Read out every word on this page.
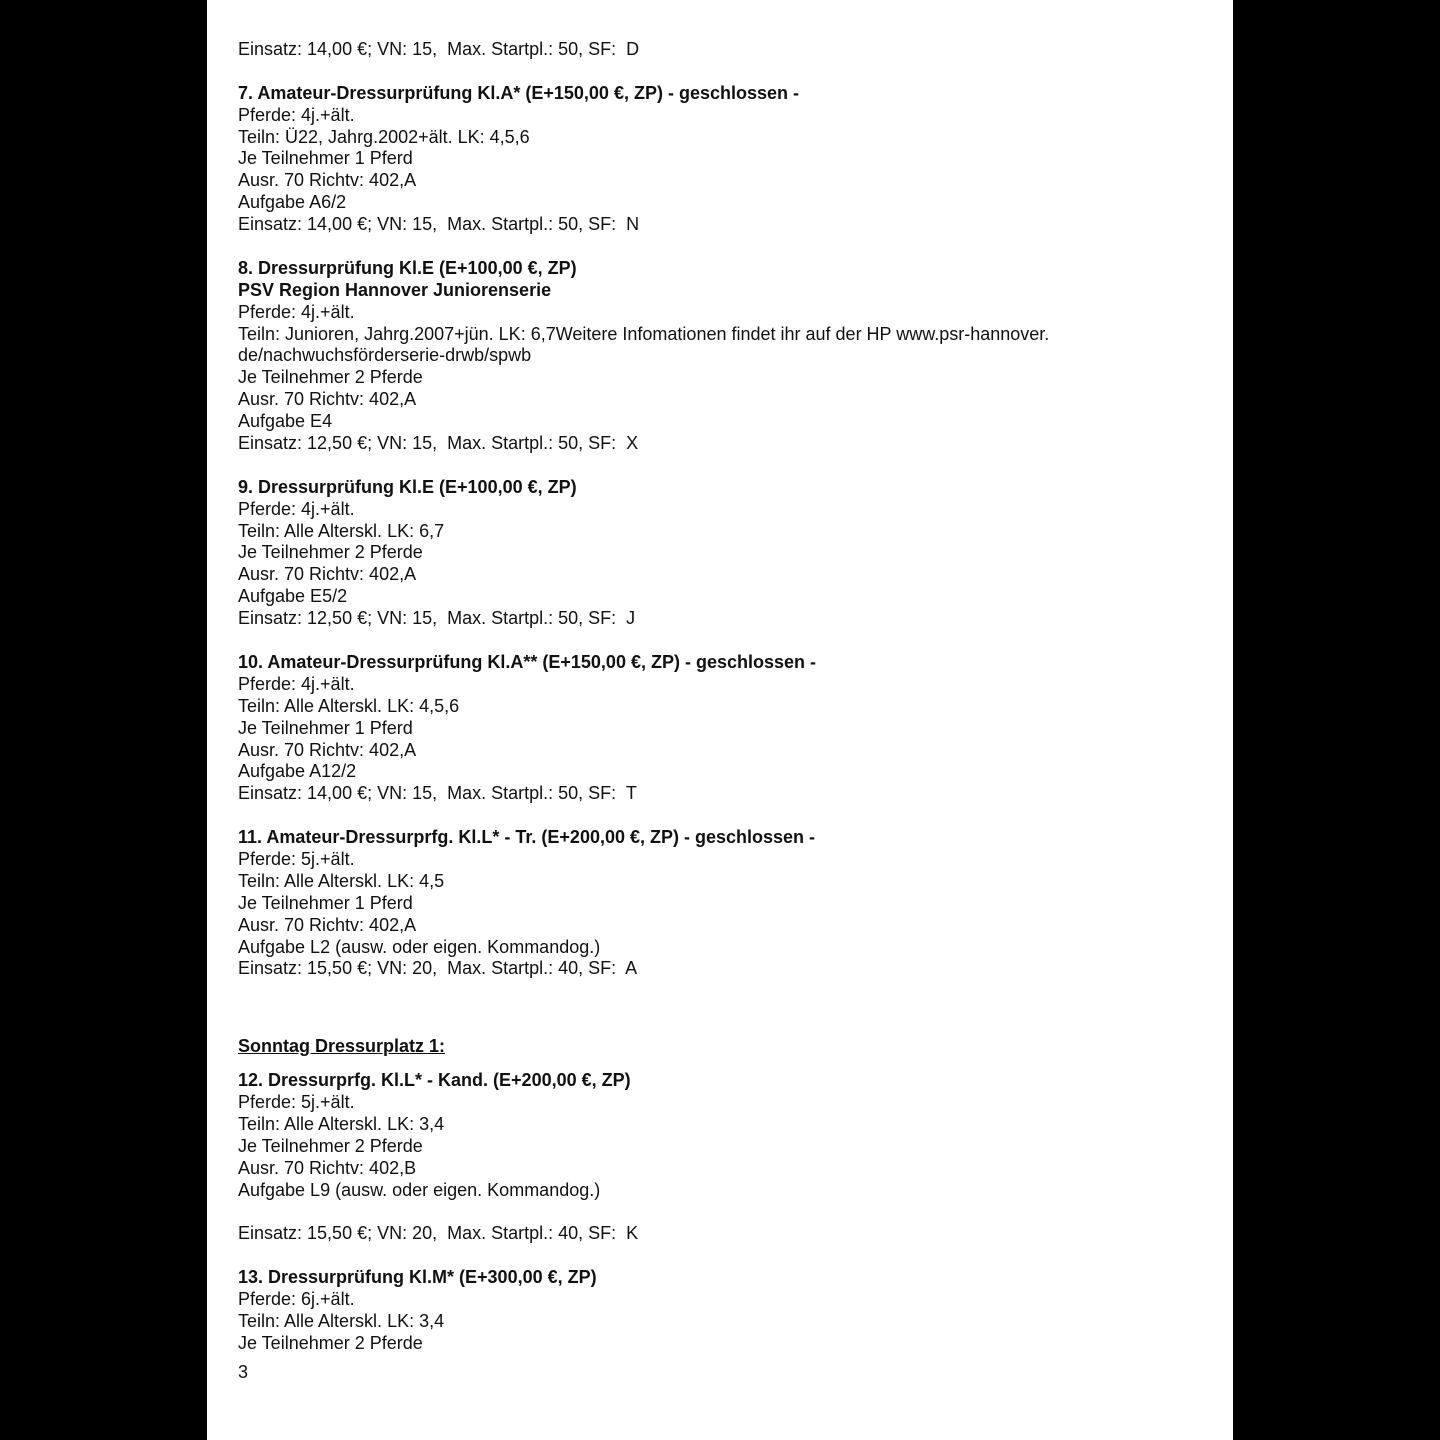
Einsatz: 14,00 €; VN: 15,  Max. Startpl.: 50, SF:  D
7. Amateur-Dressurprüfung Kl.A* (E+150,00 €, ZP) - geschlossen -
Pferde: 4j.+ält.
Teiln: Ü22, Jahrg.2002+ält. LK: 4,5,6
Je Teilnehmer 1 Pferd
Ausr. 70 Richtv: 402,A
Aufgabe A6/2
Einsatz: 14,00 €; VN: 15,  Max. Startpl.: 50, SF:  N
8. Dressurprüfung Kl.E (E+100,00 €, ZP)
PSV Region Hannover Juniorenserie
Pferde: 4j.+ält.
Teiln: Junioren, Jahrg.2007+jün. LK: 6,7Weitere Infomationen findet ihr auf der HP www.psr-hannover.
de/nachwuchsförderserie-drwb/spwb
Je Teilnehmer 2 Pferde
Ausr. 70 Richtv: 402,A
Aufgabe E4
Einsatz: 12,50 €; VN: 15,  Max. Startpl.: 50, SF:  X
9. Dressurprüfung Kl.E (E+100,00 €, ZP)
Pferde: 4j.+ält.
Teiln: Alle Alterskl. LK: 6,7
Je Teilnehmer 2 Pferde
Ausr. 70 Richtv: 402,A
Aufgabe E5/2
Einsatz: 12,50 €; VN: 15,  Max. Startpl.: 50, SF:  J
10. Amateur-Dressurprüfung Kl.A** (E+150,00 €, ZP) - geschlossen -
Pferde: 4j.+ält.
Teiln: Alle Alterskl. LK: 4,5,6
Je Teilnehmer 1 Pferd
Ausr. 70 Richtv: 402,A
Aufgabe A12/2
Einsatz: 14,00 €; VN: 15,  Max. Startpl.: 50, SF:  T
11. Amateur-Dressurprfg. Kl.L* - Tr. (E+200,00 €, ZP) - geschlossen -
Pferde: 5j.+ält.
Teiln: Alle Alterskl. LK: 4,5
Je Teilnehmer 1 Pferd
Ausr. 70 Richtv: 402,A
Aufgabe L2 (ausw. oder eigen. Kommandog.)
Einsatz: 15,50 €; VN: 20,  Max. Startpl.: 40, SF:  A
Sonntag Dressurplatz 1:
12. Dressurprfg. Kl.L* - Kand. (E+200,00 €, ZP)
Pferde: 5j.+ält.
Teiln: Alle Alterskl. LK: 3,4
Je Teilnehmer 2 Pferde
Ausr. 70 Richtv: 402,B
Aufgabe L9 (ausw. oder eigen. Kommandog.)
Einsatz: 15,50 €; VN: 20,  Max. Startpl.: 40, SF:  K
13. Dressurprüfung Kl.M* (E+300,00 €, ZP)
Pferde: 6j.+ält.
Teiln: Alle Alterskl. LK: 3,4
Je Teilnehmer 2 Pferde
3
